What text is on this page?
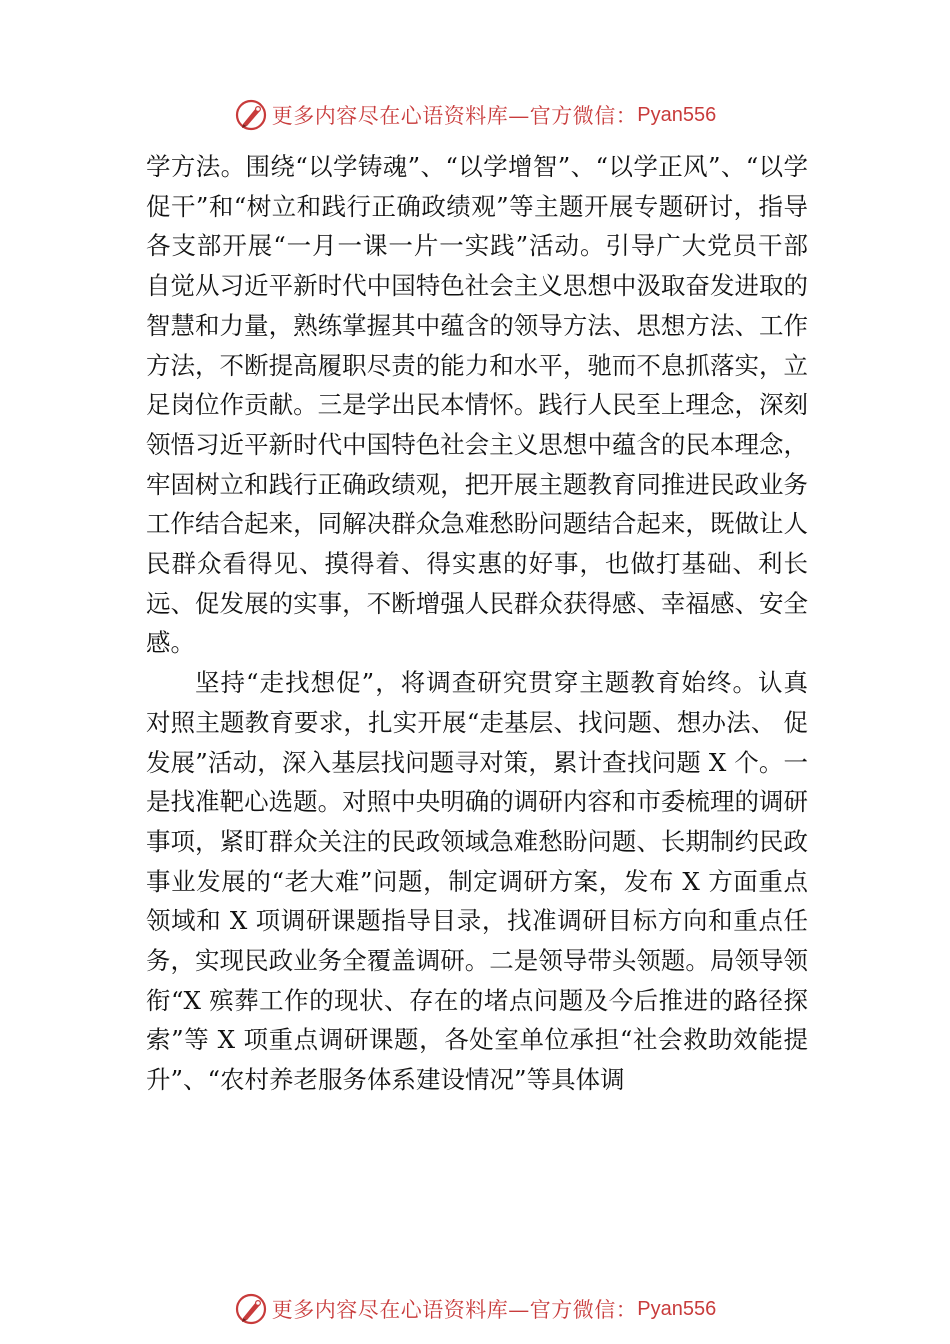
更多内容尽在心语资料库—官方微信： Pyan556

学方法。围绕“以学铸魂”、“以学增智”、“以学正风”、“以学促干”和“树立和践行正确政绩观”等主题开展专题研讨，指导各支部开展“一月一课一片一实践”活动。引导广大党员干部自觉从习近平新时代中国特色社会主义思想中汲取奋发进取的智慧和力量，熟练掌握其中蕴含的领导方法、思想方法、工作方法，不断提高履职尽责的能力和水平，驰而不息抓落实，立足岗位作贡献。三是学出民本情怀。践行人民至上理念，深刻领悟习近平新时代中国特色社会主义思想中蕴含的民本理念，牢固树立和践行正确政绩观，把开展主题教育同推进民政业务工作结合起来，同解决群众急难愁盼问题结合起来，既做让人民群众看得见、摸得着、得实惠的好事，也做打基础、利长远、促发展的实事，不断增强人民群众获得感、幸福感、安全感。

坚持“走找想促”，将调查研究贯穿主题教育始终。认真对照主题教育要求，扎实开展“走基层、找问题、想办法、 促发展”活动，深入基层找问题寻对策，累计查找问题 X 个。一是找准靶心选题。对照中央明确的调研内容和市委梳理的调研事项，紧盯群众关注的民政领域急难愁盼问题、长期制约民政事业发展的“老大难”问题，制定调研方案，发布 X 方面重点领域和 X 项调研课题指导目录，找准调研目标方向和重点任务，实现民政业务全覆盖调研。二是领导带头领题。局领导领衔“X 殡葬工作的现状、存在的堵点问题及今后推进的路径探索”等 X 项重点调研课题，各处室单位承担“社会救助效能提升”、“农村养老服务体系建设情况”等具体调

更多内容尽在心语资料库—官方微信： Pyan556
